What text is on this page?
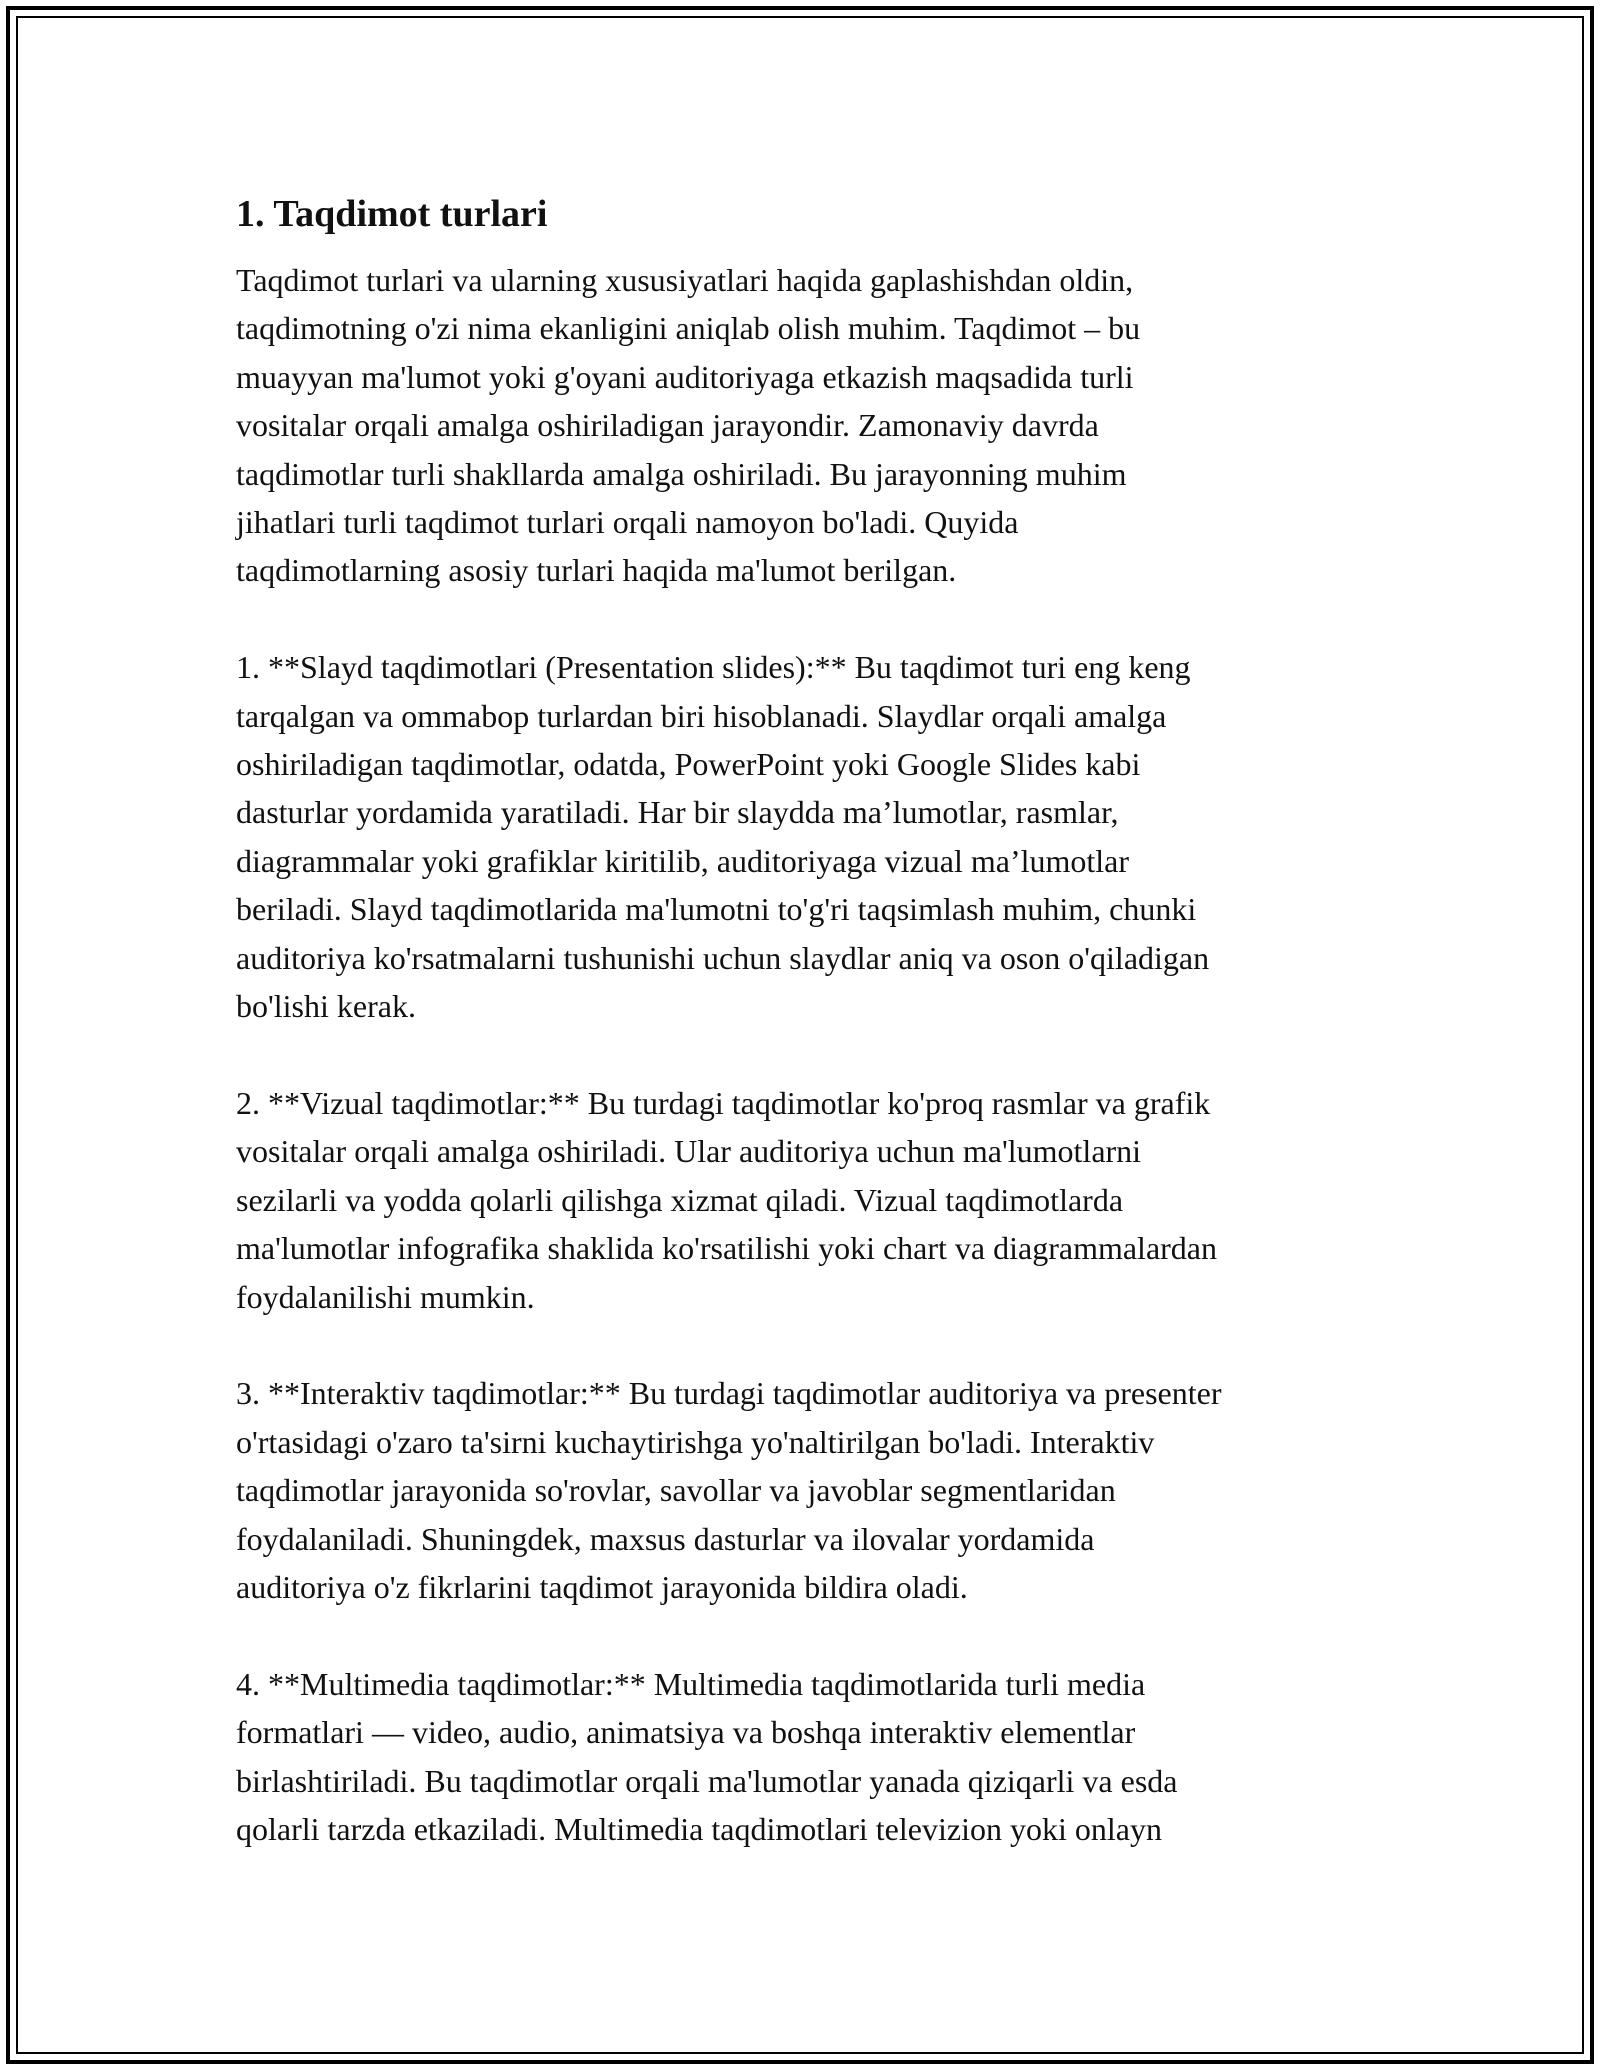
1. Taqdimot turlari
Taqdimot turlari va ularning xususiyatlari haqida gaplashishdan oldin,
taqdimotning o'zi nima ekanligini aniqlab olish muhim. Taqdimot – bu
muayyan ma'lumot yoki g'oyani auditoriyaga etkazish maqsadida turli
vositalar orqali amalga oshiriladigan jarayondir. Zamonaviy davrda
taqdimotlar turli shakllarda amalga oshiriladi. Bu jarayonning muhim
jihatlari turli taqdimot turlari orqali namoyon bo'ladi. Quyida
taqdimotlarning asosiy turlari haqida ma'lumot berilgan.
1. **Slayd taqdimotlari (Presentation slides):** Bu taqdimot turi eng keng
tarqalgan va ommabop turlardan biri hisoblanadi. Slaydlar orqali amalga
oshiriladigan taqdimotlar, odatda, PowerPoint yoki Google Slides kabi
dasturlar yordamida yaratiladi. Har bir slaydda ma’lumotlar, rasmlar,
diagrammalar yoki grafiklar kiritilib, auditoriyaga vizual ma’lumotlar
beriladi. Slayd taqdimotlarida ma'lumotni to'g'ri taqsimlash muhim, chunki
auditoriya ko'rsatmalarni tushunishi uchun slaydlar aniq va oson o'qiladigan
bo'lishi kerak.
2. **Vizual taqdimotlar:** Bu turdagi taqdimotlar ko'proq rasmlar va grafik
vositalar orqali amalga oshiriladi. Ular auditoriya uchun ma'lumotlarni
sezilarli va yodda qolarli qilishga xizmat qiladi. Vizual taqdimotlarda
ma'lumotlar infografika shaklida ko'rsatilishi yoki chart va diagrammalardan
foydalanilishi mumkin.
3. **Interaktiv taqdimotlar:** Bu turdagi taqdimotlar auditoriya va presenter
o'rtasidagi o'zaro ta'sirni kuchaytirishga yo'naltirilgan bo'ladi. Interaktiv
taqdimotlar jarayonida so'rovlar, savollar va javoblar segmentlaridan
foydalaniladi. Shuningdek, maxsus dasturlar va ilovalar yordamida
auditoriya o'z fikrlarini taqdimot jarayonida bildira oladi.
4. **Multimedia taqdimotlar:** Multimedia taqdimotlarida turli media
formatlari — video, audio, animatsiya va boshqa interaktiv elementlar
birlashtiriladi. Bu taqdimotlar orqali ma'lumotlar yanada qiziqarli va esda
qolarli tarzda etkaziladi. Multimedia taqdimotlari televizion yoki onlayn
